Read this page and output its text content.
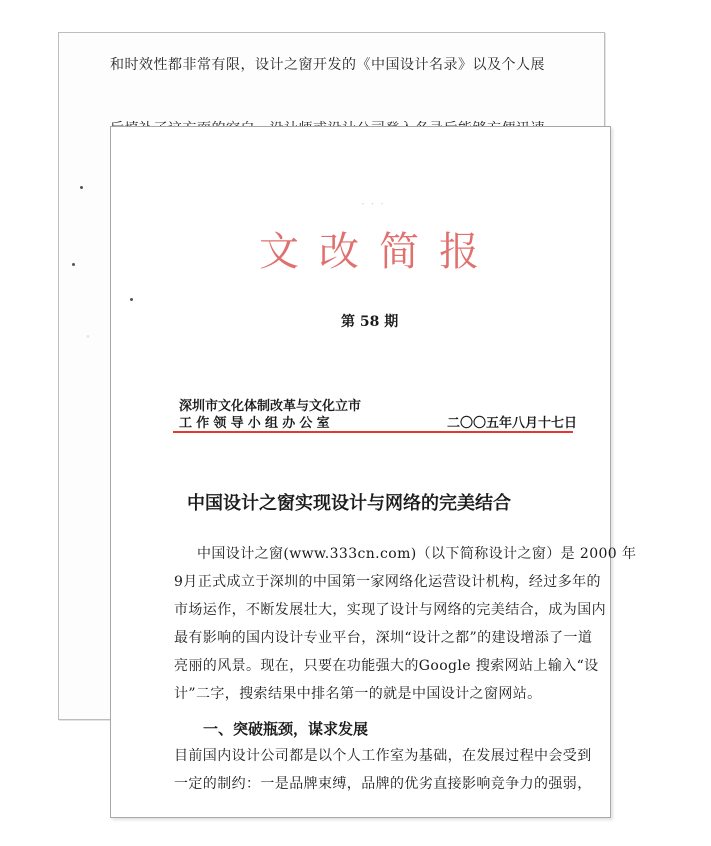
·
和时效性都非常有限，设计之窗开发的《中国设计名录》以及个人展
· · ·
文改简报
第 58 期
深圳市文化体制改革与文化立市
工作领导小组办公室	二〇〇五年八月十七日
中国设计之窗实现设计与网络的完美结合
中国设计之窗(www.333cn.com)（以下简称设计之窗）是 2000 年
9月正式成立于深圳的中国第一家网络化运营设计机构，经过多年的
市场运作，不断发展壮大，实现了设计与网络的完美结合，成为国内
最有影响的国内设计专业平台，深圳“设计之都”的建设增添了一道
亮丽的风景。现在，只要在功能强大的Google 搜索网站上输入“设
计”二字，搜索结果中排名第一的就是中国设计之窗网站。
一、突破瓶颈，谋求发展
目前国内设计公司都是以个人工作室为基础，在发展过程中会受到
一定的制约：一是品牌束缚，品牌的优劣直接影响竞争力的强弱，
